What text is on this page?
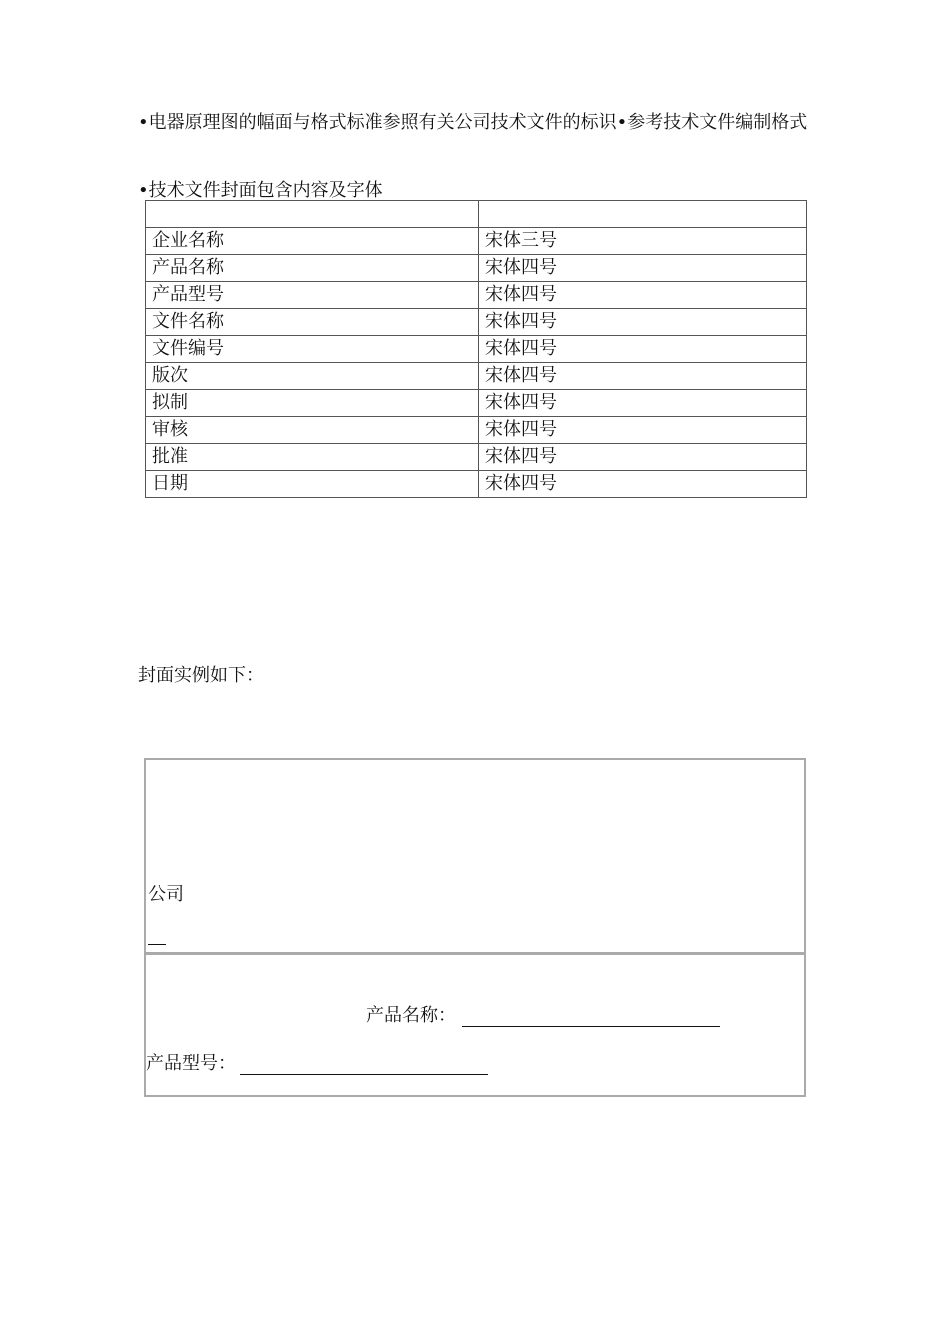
•电器原理图的幅面与格式标准参照有关公司技术文件的标识•参考技术文件编制格式
•技术文件封面包含内容及字体

企业名称	宋体三号
产品名称	宋体四号
产品型号	宋体四号
文件名称	宋体四号
文件编号	宋体四号
版次	宋体四号
拟制	宋体四号
审核	宋体四号
批准	宋体四号
日期	宋体四号
封面实例如下：
公司
产品名称：
产品型号：
